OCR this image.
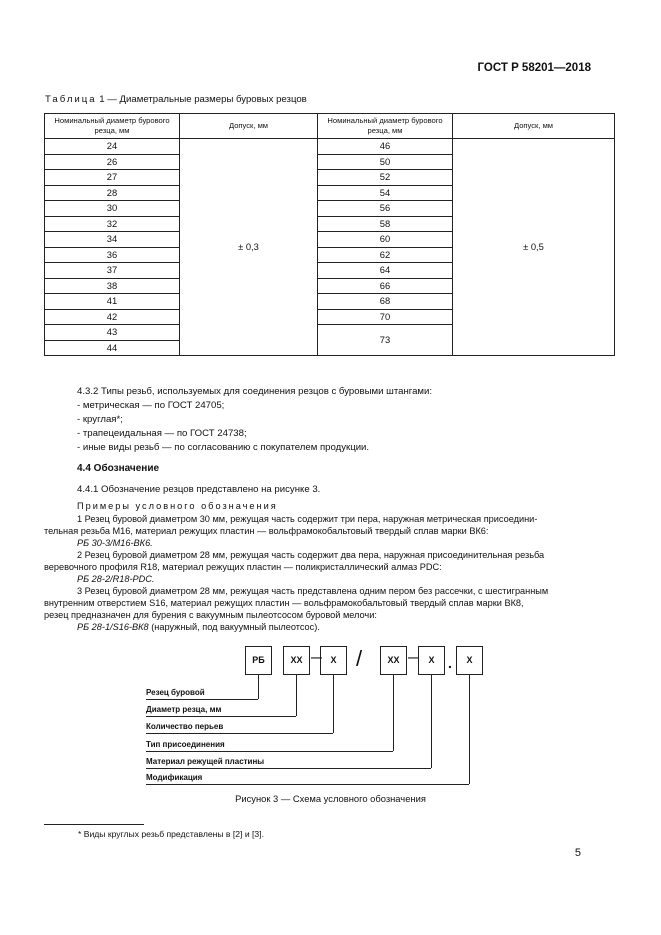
ГОСТ Р 58201—2018
Таблица 1 — Диаметральные размеры буровых резцов
Номинальный диаметр бурового резца, мм	Допуск, мм	Номинальный диаметр бурового резца, мм	Допуск, мм
24	± 0,3	46	± 0,5
26		50	
27		52	
28		54	
30		56	
32		58	
34		60	
36		62	
37		64	
38		66	
41		68	
42		70	
43		73	
44			
4.3.2 Типы резьб, используемых для соединения резцов с буровыми штангами:
- метрическая — по ГОСТ 24705;
- круглая*;
- трапецеидальная — по ГОСТ 24738;
- иные виды резьб — по согласованию с покупателем продукции.
4.4 Обозначение
4.4.1 Обозначение резцов представлено на рисунке 3.
Примеры условного обозначения
1 Резец буровой диаметром 30 мм, режущая часть содержит три пера, наружная метрическая присоедини-
тельная резьба М16, материал режущих пластин — вольфрамокобальтовый твердый сплав марки ВК6:
РБ 30-3/М16-ВК6.
2 Резец буровой диаметром 28 мм, режущая часть содержит два пера, наружная присоединительная резьба
веревочного профиля R18, материал режущих пластин — поликристаллический алмаз PDC:
РБ 28-2/R18-PDC.
3 Резец буровой диаметром 28 мм, режущая часть представлена одним пером без рассечки, с шестигранным
внутренним отверстием S16, материал режущих пластин — вольфрамокобальтовый твердый сплав марки ВК8,
резец предназначен для бурения с вакуумным пылеотсосом буровой мелочи:
РБ 28-1/S16-ВК8 (наружный, под вакуумный пылеотсос).
РБ	XX — X /	XX —	X .	X
Резец буровой
Диаметр резца, мм
Количество перьев
Тип присоединения
Материал режущей пластины
Модификация
Рисунок 3 — Схема условного обозначения
* Виды круглых резьб представлены в [2] и [3].
5
